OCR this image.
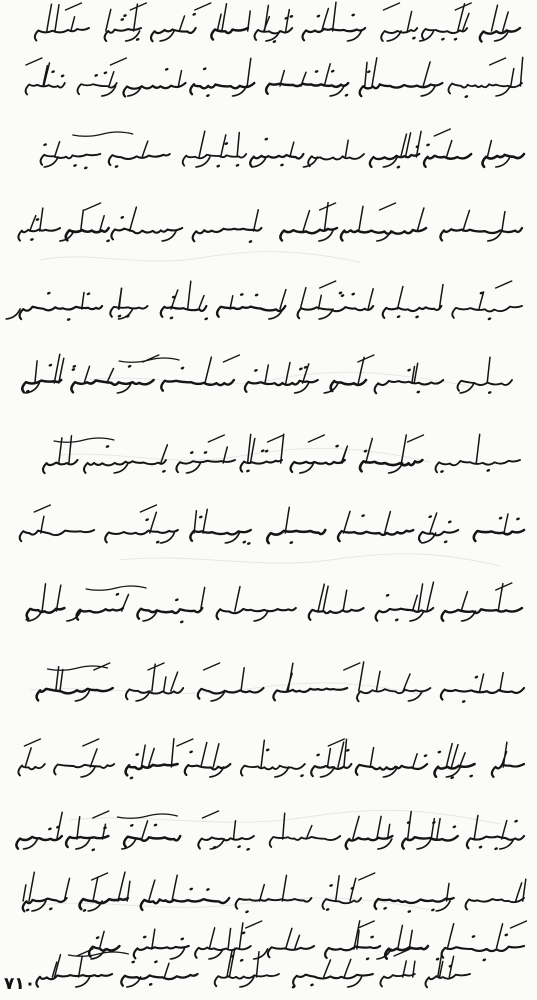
۷۱۰
